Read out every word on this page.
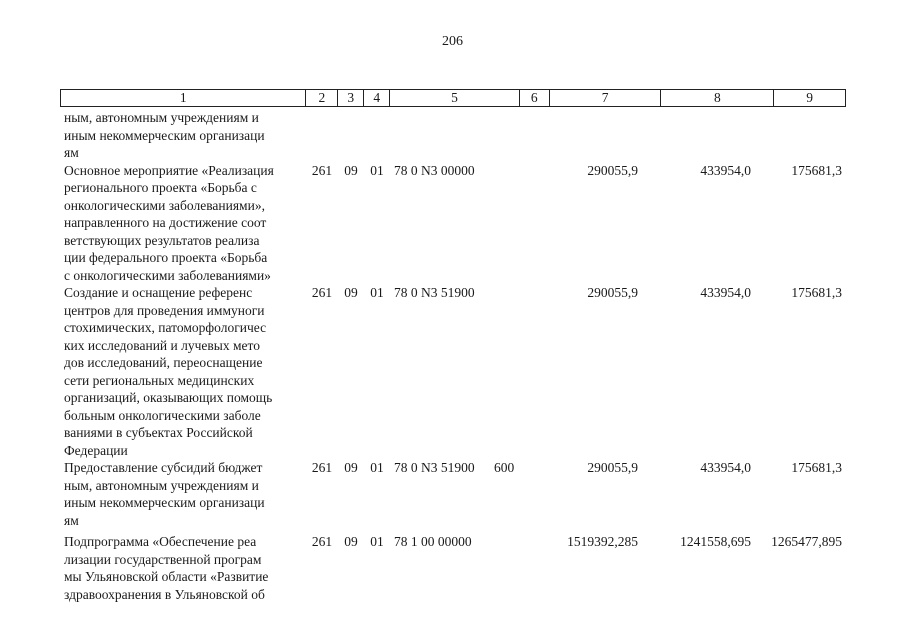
206
1	2	3	4	5	6	7	8	9
ным, автономным учреждениям и
иным некоммерческим организаци
ям
Основное мероприятие «Реализация
регионального проекта «Борьба с
онкологическими заболеваниями»,
направленного на достижение соот
ветствующих результатов реализа
ции федерального проекта «Борьба
с онкологическими заболеваниями»
261 09 01 78 0 N3 00000	290055,9	433954,0	175681,3
Создание и оснащение референс
центров для проведения иммуноги
стохимических, патоморфологичес
ких исследований и лучевых мето
дов исследований, переоснащение
сети региональных медицинских
организаций, оказывающих помощь
больным онкологическими заболе
ваниями в субъектах Российской
Федерации
261 09 01 78 0 N3 51900	290055,9	433954,0	175681,3
Предоставление субсидий бюджет
ным, автономным учреждениям и
иным некоммерческим организаци
ям
261 09 01 78 0 N3 51900	600	290055,9	433954,0	175681,3
Подпрограмма «Обеспечение реа
лизации государственной програм
мы Ульяновской области «Развитие
здравоохранения в Ульяновской об
261 09 01 78 1 00 00000	1519392,285	1241558,695	1265477,895
